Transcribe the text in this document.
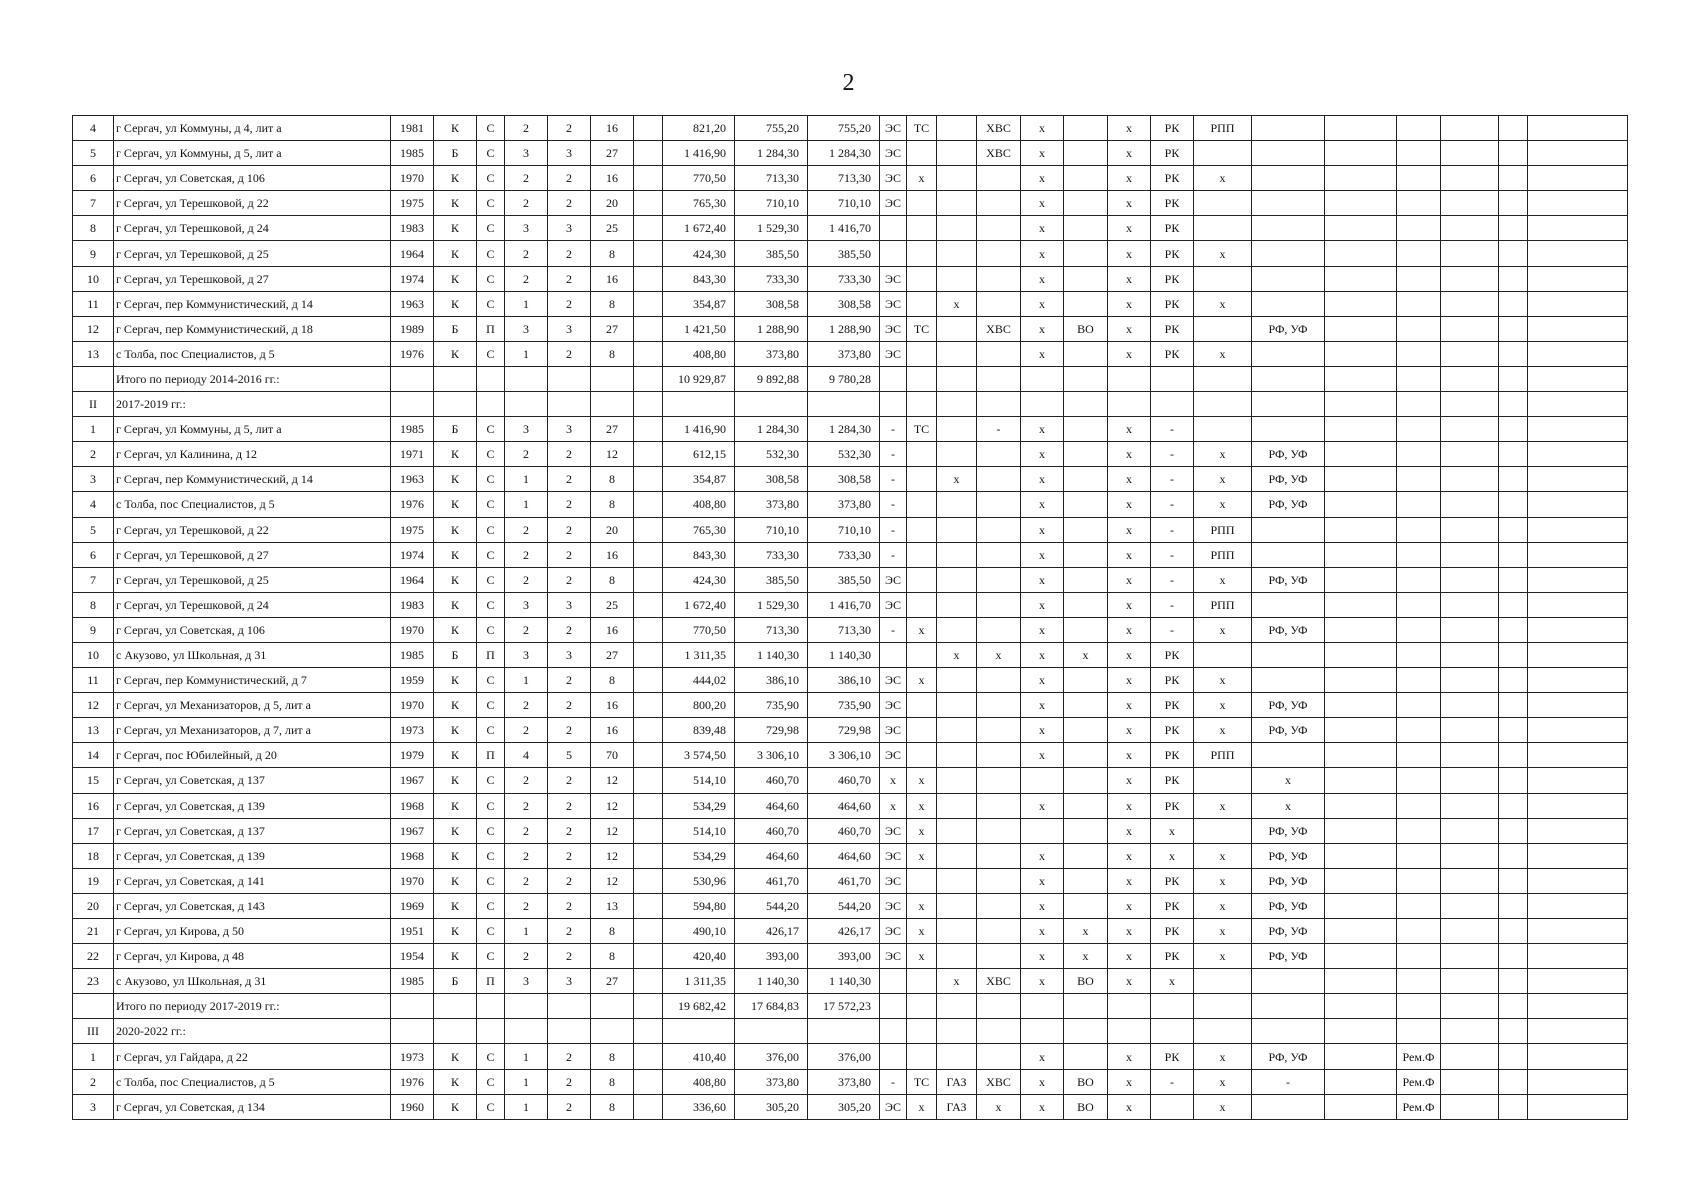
2
4	г Сергач, ул Коммуны, д 4, лит а	1981	К	С	2	2	16		821,20	755,20	755,20	ЭС	ТС		ХВС	х		х	РК	РПП						
5	г Сергач, ул Коммуны, д 5, лит а	1985	Б	С	3	3	27		1 416,90	1 284,30	1 284,30	ЭС			ХВС	х		х	РК							
6	г Сергач, ул Советская, д 106	1970	К	С	2	2	16		770,50	713,30	713,30	ЭС	х			х		х	РК	х						
7	г Сергач, ул Терешковой, д 22	1975	К	С	2	2	20		765,30	710,10	710,10	ЭС				х		х	РК							
8	г Сергач, ул Терешковой, д 24	1983	К	С	3	3	25		1 672,40	1 529,30	1 416,70					х		х	РК							
9	г Сергач, ул Терешковой, д 25	1964	К	С	2	2	8		424,30	385,50	385,50					х		х	РК	х						
10	г Сергач, ул Терешковой, д 27	1974	К	С	2	2	16		843,30	733,30	733,30	ЭС				х		х	РК							
11	г Сергач, пер Коммунистический, д 14	1963	К	С	1	2	8		354,87	308,58	308,58	ЭС		х		х		х	РК	х						
12	г Сергач, пер Коммунистический, д 18	1989	Б	П	3	3	27		1 421,50	1 288,90	1 288,90	ЭС	ТС		ХВС	х	ВО	х	РК		РФ, УФ					
13	с Толба, пос Специалистов, д 5	1976	К	С	1	2	8		408,80	373,80	373,80	ЭС				х		х	РК	х						
	Итого по периоду 2014-2016 гг.:								10 929,87	9 892,88	9 780,28															
II	2017-2019 гг.:																									
1	г Сергач, ул Коммуны, д 5, лит а	1985	Б	С	3	3	27		1 416,90	1 284,30	1 284,30	-	ТС		-	х		х	-							
2	г Сергач, ул Калинина, д 12	1971	К	С	2	2	12		612,15	532,30	532,30	-				х		х	-	х	РФ, УФ					
3	г Сергач, пер Коммунистический, д 14	1963	К	С	1	2	8		354,87	308,58	308,58	-		х		х		х	-	х	РФ, УФ					
4	с Толба, пос Специалистов, д 5	1976	К	С	1	2	8		408,80	373,80	373,80	-				х		х	-	х	РФ, УФ					
5	г Сергач, ул Терешковой, д 22	1975	К	С	2	2	20		765,30	710,10	710,10	-				х		х	-	РПП						
6	г Сергач, ул Терешковой, д 27	1974	К	С	2	2	16		843,30	733,30	733,30	-				х		х	-	РПП						
7	г Сергач, ул Терешковой, д 25	1964	К	С	2	2	8		424,30	385,50	385,50	ЭС				х		х	-	х	РФ, УФ					
8	г Сергач, ул Терешковой, д 24	1983	К	С	3	3	25		1 672,40	1 529,30	1 416,70	ЭС				х		х	-	РПП						
9	г Сергач, ул Советская, д 106	1970	К	С	2	2	16		770,50	713,30	713,30	-	х			х		х	-	х	РФ, УФ					
10	с Акузово, ул Школьная, д 31	1985	Б	П	3	3	27		1 311,35	1 140,30	1 140,30			х	х	х	х	х	РК							
11	г Сергач, пер Коммунистический, д 7	1959	К	С	1	2	8		444,02	386,10	386,10	ЭС	х			х		х	РК	х						
12	г Сергач, ул Механизаторов, д 5, лит а	1970	К	С	2	2	16		800,20	735,90	735,90	ЭС				х		х	РК	х	РФ, УФ					
13	г Сергач, ул Механизаторов, д 7, лит а	1973	К	С	2	2	16		839,48	729,98	729,98	ЭС				х		х	РК	х	РФ, УФ					
14	г Сергач, пос Юбилейный, д 20	1979	К	П	4	5	70		3 574,50	3 306,10	3 306,10	ЭС				х		х	РК	РПП						
15	г Сергач, ул Советская, д 137	1967	К	С	2	2	12		514,10	460,70	460,70	х	х					х	РК		х					
16	г Сергач, ул Советская, д 139	1968	К	С	2	2	12		534,29	464,60	464,60	х	х			х		х	РК	х	х					
17	г Сергач, ул Советская, д 137	1967	К	С	2	2	12		514,10	460,70	460,70	ЭС	х					х	х		РФ, УФ					
18	г Сергач, ул Советская, д 139	1968	К	С	2	2	12		534,29	464,60	464,60	ЭС	х			х		х	х	х	РФ, УФ					
19	г Сергач, ул Советская, д 141	1970	К	С	2	2	12		530,96	461,70	461,70	ЭС				х		х	РК	х	РФ, УФ					
20	г Сергач, ул Советская, д 143	1969	К	С	2	2	13		594,80	544,20	544,20	ЭС	х			х		х	РК	х	РФ, УФ					
21	г Сергач, ул Кирова, д 50	1951	К	С	1	2	8		490,10	426,17	426,17	ЭС	х			х	х	х	РК	х	РФ, УФ					
22	г Сергач, ул Кирова, д 48	1954	К	С	2	2	8		420,40	393,00	393,00	ЭС	х			х	х	х	РК	х	РФ, УФ					
23	с Акузово, ул Школьная, д 31	1985	Б	П	3	3	27		1 311,35	1 140,30	1 140,30			х	ХВС	х	ВО	х	х							
	Итого по периоду 2017-2019 гг.:								19 682,42	17 684,83	17 572,23															
III	2020-2022 гг.:																									
1	г Сергач, ул Гайдара, д 22	1973	К	С	1	2	8		410,40	376,00	376,00					х		х	РК	х	РФ, УФ		Рем.Ф			
2	с Толба, пос Специалистов, д 5	1976	К	С	1	2	8		408,80	373,80	373,80	-	ТС	ГАЗ	ХВС	х	ВО	х	-	х	-		Рем.Ф			
3	г Сергач, ул Советская, д 134	1960	К	С	1	2	8		336,60	305,20	305,20	ЭС	х	ГАЗ	х	х	ВО	х		х			Рем.Ф			
